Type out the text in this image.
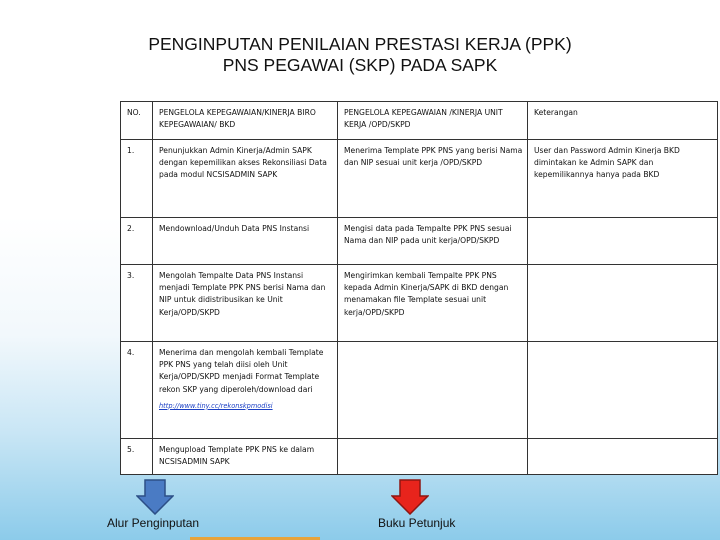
PENGINPUTAN PENILAIAN PRESTASI KERJA (PPK)
PNS PEGAWAI (SKP) PADA SAPK
NO.	PENGELOLA KEPEGAWAIAN/KINERJA BIRO KEPEGAWAIAN/ BKD	PENGELOLA KEPEGAWAIAN /KINERJA UNIT KERJA /OPD/SKPD	Keterangan
1.	Penunjukkan Admin Kinerja/Admin SAPK dengan kepemilikan akses Rekonsiliasi Data pada modul NCSISADMIN SAPK	Menerima Template PPK PNS yang berisi Nama dan NIP sesuai unit kerja /OPD/SKPD	User dan Password Admin Kinerja BKD dimintakan ke Admin SAPK dan kepemilikannya hanya pada BKD
2.	Mendownload/Unduh Data PNS Instansi	Mengisi data pada Tempalte PPK PNS sesuai Nama dan NIP pada unit kerja/OPD/SKPD	
3.	Mengolah Tempalte Data PNS Instansi menjadi Template PPK PNS berisi Nama dan NIP untuk didistribusikan ke Unit Kerja/OPD/SKPD	Mengirimkan kembali Tempalte PPK PNS kepada Admin Kinerja/SAPK di BKD dengan menamakan file Template sesuai unit kerja/OPD/SKPD	
4.	Menerima dan mengolah kembali Template PPK PNS yang telah diisi oleh Unit Kerja/OPD/SKPD menjadi Format Template rekon SKP yang diperoleh/download dari
http://www.tiny.cc/rekonskpmodisi		

5.	Mengupload Template PPK PNS ke dalam NCSISADMIN SAPK		
Alur Penginputan	Buku Petunjuk
